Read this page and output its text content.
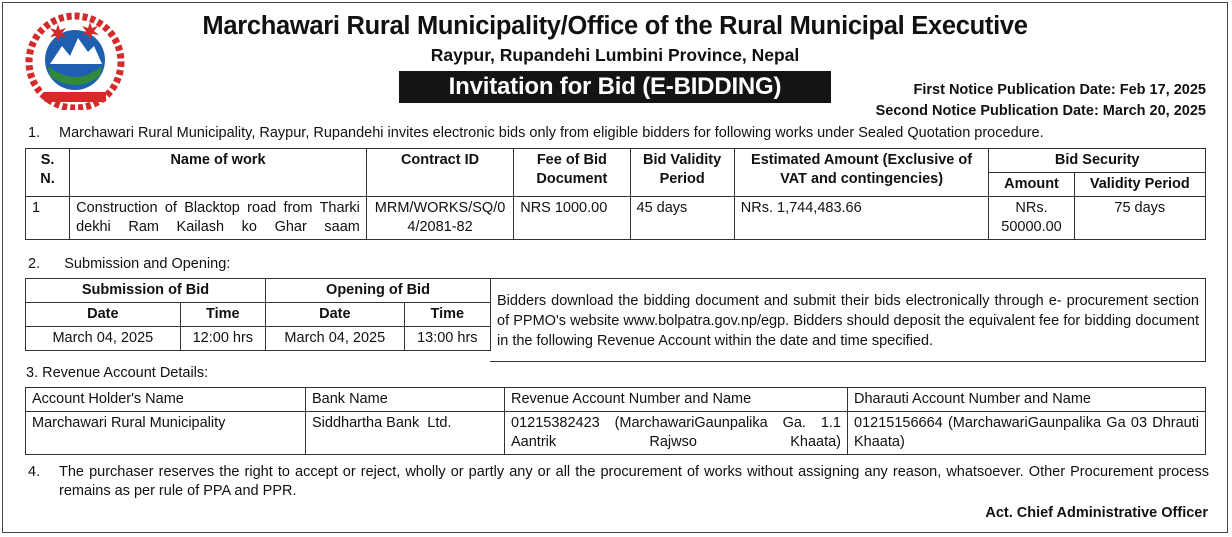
Marchawari Rural Municipality/Office of the Rural Municipal Executive
Raypur, Rupandehi Lumbini Province, Nepal
Invitation for Bid (E-BIDDING)	First Notice Publication Date: Feb 17, 2025
Second Notice Publication Date: March 20, 2025
1. Marchawari Rural Municipality, Raypur, Rupandehi invites electronic bids only from eligible bidders for following works under Sealed Quotation procedure.
S. N.	Name of work	Contract ID	Fee of Bid Document	Bid Validity Period	Estimated Amount (Exclusive of VAT and contingencies)	Bid Security	
						Amount	Validity Period
1	Construction of Blacktop road from Tharki dekhi Ram Kailash ko Ghar saam	MRM/WORKS/SQ/04/2081-82	NRS 1000.00	45 days	NRs. 1,744,483.66	NRs. 50000.00	75 days
2.      Submission and Opening:
Submission of Bid		Opening of Bid	
Date	Time	Date	Time
March 04, 2025	12:00 hrs	March 04, 2025	13:00 hrs
Bidders download the bidding document and submit their bids electronically through e- procurement section of PPMO's website www.bolpatra.gov.np/egp. Bidders should deposit the equivalent fee for bidding document in the following Revenue Account within the date and time specified.
3. Revenue Account Details:
Account Holder's Name	Bank Name	Revenue Account Number and Name	Dharauti Account Number and Name
Marchawari Rural Municipality	Siddhartha Bank  Ltd.	01215382423 (MarchawariGaunpalika Ga. 1.1 Aantrik Rajwso Khaata)	01215156664 (MarchawariGaunpalika Ga 03 Dhrauti Khaata)
4. The purchaser reserves the right to accept or reject, wholly or partly any or all the procurement of works without assigning any reason, whatsoever. Other Procurement process remains as per rule of PPA and PPR.
Act. Chief Administrative Officer
